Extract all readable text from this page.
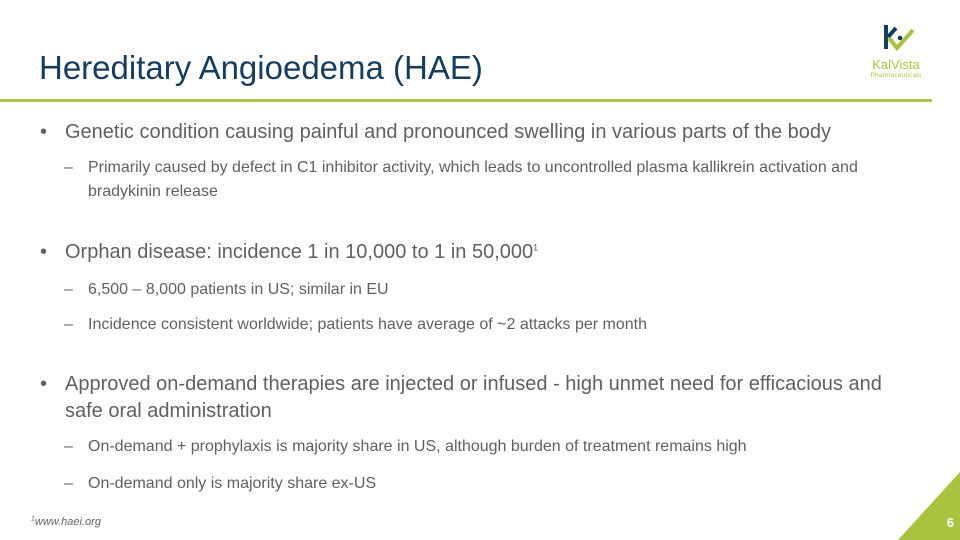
Hereditary Angioedema (HAE)	KalVista
Pharmaceuticals
• Genetic condition causing painful and pronounced swelling in various parts of the body
– Primarily caused by defect in C1 inhibitor activity, which leads to uncontrolled plasma kallikrein activation and bradykinin release
• Orphan disease: incidence 1 in 10,000 to 1 in 50,000$^1$
– 6,500 – 8,000 patients in US; similar in EU
– Incidence consistent worldwide; patients have average of ~2 attacks per month
• Approved on-demand therapies are injected or infused - high unmet need for efficacious and safe oral administration
– On-demand + prophylaxis is majority share in US, although burden of treatment remains high
– On-demand only is majority share ex-US
$^1$www.haei.org	6
